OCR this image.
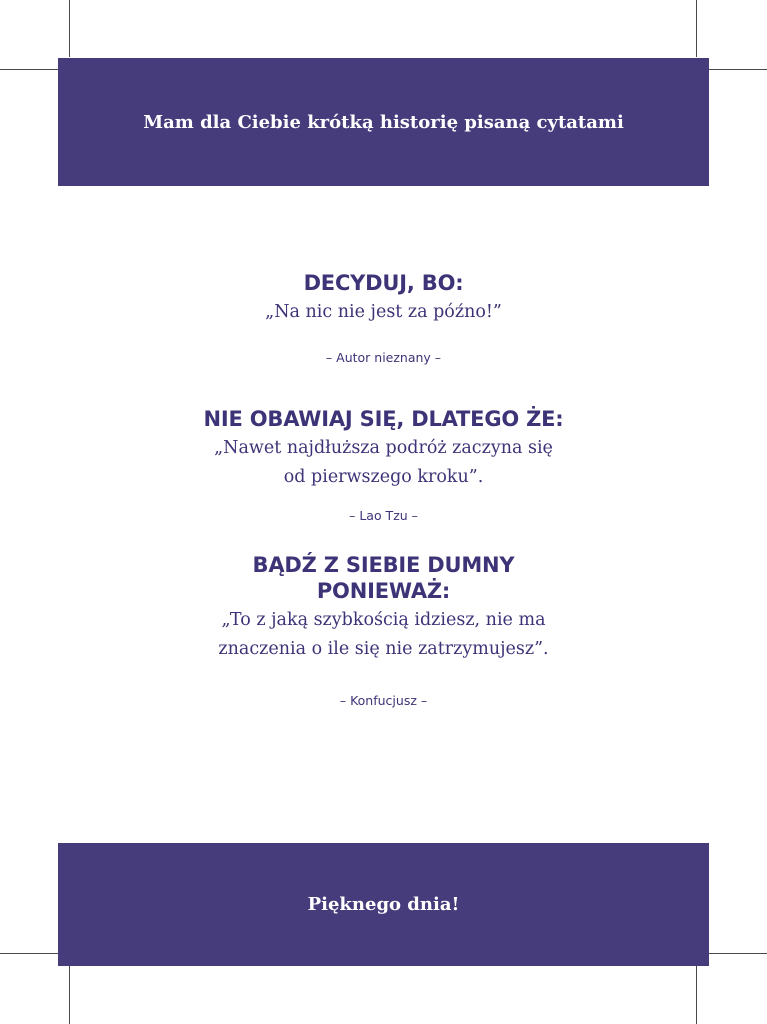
Mam dla Ciebie krótką historię pisaną cytatami
DECYDUJ, BO:
„Na nic nie jest za późno!”
– Autor nieznany –
NIE OBAWIAJ SIĘ, DLATEGO ŻE:
„Nawet najdłuższa podróż zaczyna się od pierwszego kroku”.
– Lao Tzu –
BĄDŹ Z SIEBIE DUMNY PONIEWAŻ:
„To z jaką szybkością idziesz, nie ma znaczenia o ile się nie zatrzymujesz”.
– Konfucjusz –
Pięknego dnia!
